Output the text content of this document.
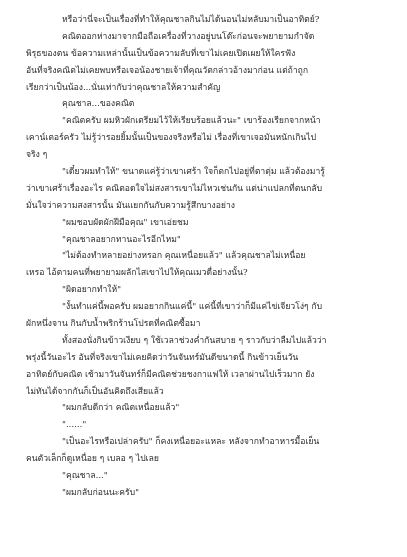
หรือว่านี่จะเป็นเรื่องที่ทำให้คุณชาลกินไม่ได้นอนไม่หลับมาเป็นอาทิตย์?
คณิตออกห่างมาจากมือถือเครื่องที่วางอยู่บนโต๊ะก่อนจะพยายามกำจัด
พิรุธของตน ข้อความเหล่านั้นเป็นข้อความลับที่เขาไม่เคยเปิดเผยให้ใครฟัง
อันที่จริงคณิตไม่เคยพบหรือเจอน้องชายเจ้าที่คุณวัตกล่าวอ้างมาก่อน แต่ถ้าถูก
เรียกว่าเป็นน้อง...นั่นเท่ากับว่าคุณชาลให้ความสำคัญ
คุณชาล...ของคณิต
"คณิตครับ ผมหิวผักเตรียมไว้ให้เรียบร้อยแล้วนะ" เขาร้องเรียกจากหน้า
เคาน์เตอร์ครัว ไม่รู้ว่ารอยยิ้มนั้นเป็นของจริงหรือไม่ เรื่องที่เขาเจอมันหนักเกินไป
จริง ๆ
"เดี๋ยวผมทำให้" ขนาดแค่รู้ว่าเขาเศร้า ใจก็ตกไปอยู่ที่ตาตุ่ม แล้วต้องมารู้
ว่าเขาเศร้าเรื่องอะไร คณิตอดใจไม่สงสารเขาไม่ไหวเช่นกัน แต่น่าแปลกที่ตนกลับ
มั่นใจว่าความสงสารนั้น มันแยกกันกับความรู้สึกบางอย่าง
"ผมชอบผัดผักฝีมือคุณ" เขาเอ่ยชม
"คุณชาลอยากทานอะไรอีกไหม"
"ไม่ต้องทำหลายอย่างหรอก คุณเหนื่อยแล้ว" แล้วคุณชาลไม่เหนื่อย
เหรอ ไอ้ตามคนที่พยายามผลักไสเขาไปให้คุณเมวดื่อย่างนั้น?
"ผิดอยากทำให้"
"งั้นทำแค่นี้พอครับ ผมอยากกินแค่นี้" แค่นี้ที่เขาว่าก็มีแค่ไข่เจียวโง่ๆ กับ
ผักหนึ่งจาน กินกับน้ำพริกร้านโปรดที่คณิตซื้อมา
ทั้งสองนั่งกินข้าวเงียบ ๆ ใช้เวลาช่วงค่ำกันสบาย ๆ ราวกับว่าลืมไปแล้วว่า
พรุ่งนี้วันอะไร อันที่จริงเขาไม่เคยคิดว่าวันจันทร์มันดีขนาดนี้ กินข้าวเย็นวัน
อาทิตย์กับคณิต เช้ามาวันจันทร์ก็มีคณิตช่วยชงกาแฟให้ เวลาผ่านไปเร็วมาก ยัง
ไม่ทันได้จากกันก็เป็นอันคิดถึงเสียแล้ว
"ผมกลับดีกว่า คณิตเหนื่อยแล้ว"
"......"
"เป็นอะไรหรือเปล่าครับ" ก็คงเหนื่อยอะแหละ หลังจากทำอาหารมื้อเย็น
คนตัวเล็กก็ดูเหนื่อย ๆ เบลอ ๆ ไปเลย
"คุณชาล..."
"ผมกลับก่อนนะครับ"
